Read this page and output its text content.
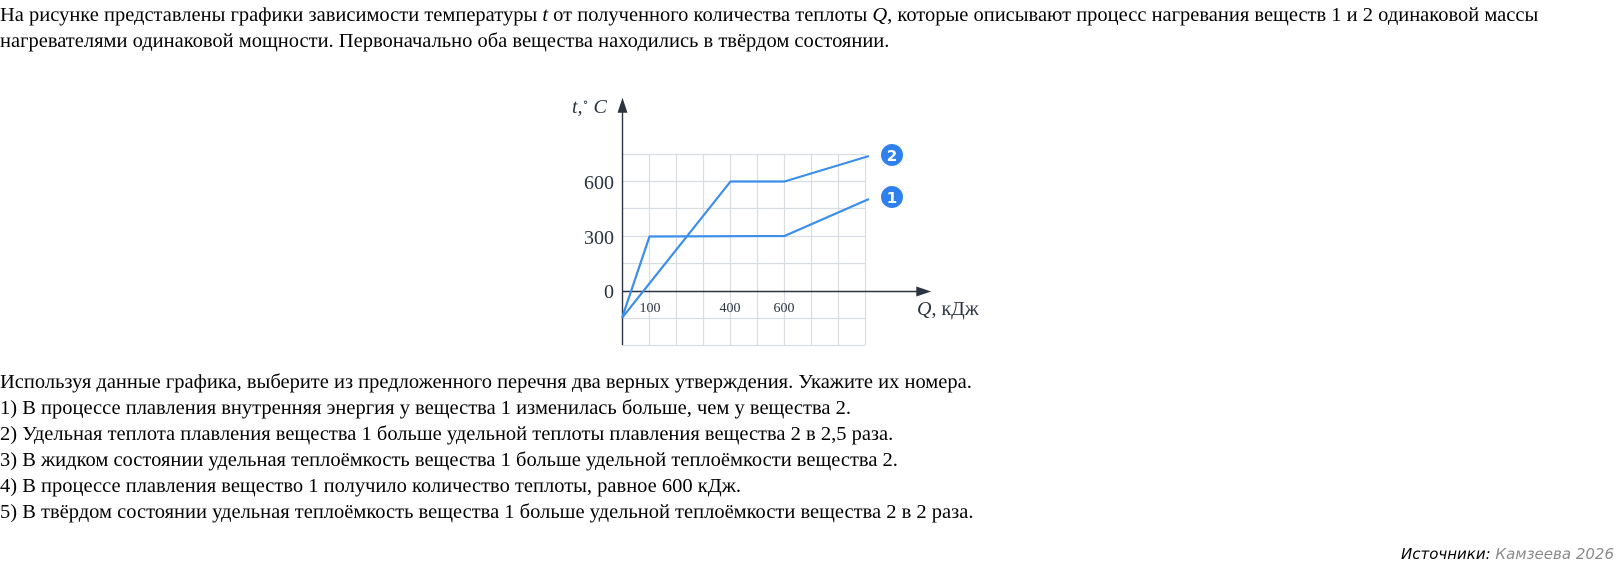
На рисунке представлены графики зависимости температуры t от полученного количества теплоты Q, которые описывают процесс нагревания веществ 1 и 2 одинаковой массы нагревателями одинаковой мощности. Первоначально оба вещества находились в твёрдом состоянии.
t,∘ C
600
300
0
100	400 600	Q, кДж
2
1
Используя данные графика, выберите из предложенного перечня два верных утверждения. Укажите их номера.
1) В процессе плавления внутренняя энергия у вещества 1 изменилась больше, чем у вещества 2.
2) Удельная теплота плавления вещества 1 больше удельной теплоты плавления вещества 2 в 2,5 раза.
3) В жидком состоянии удельная теплоёмкость вещества 1 больше удельной теплоёмкости вещества 2.
4) В процессе плавления вещество 1 получило количество теплоты, равное 600 кДж.
5) В твёрдом состоянии удельная теплоёмкость вещества 1 больше удельной теплоёмкости вещества 2 в 2 раза.
Источники: Камзеева 2026
